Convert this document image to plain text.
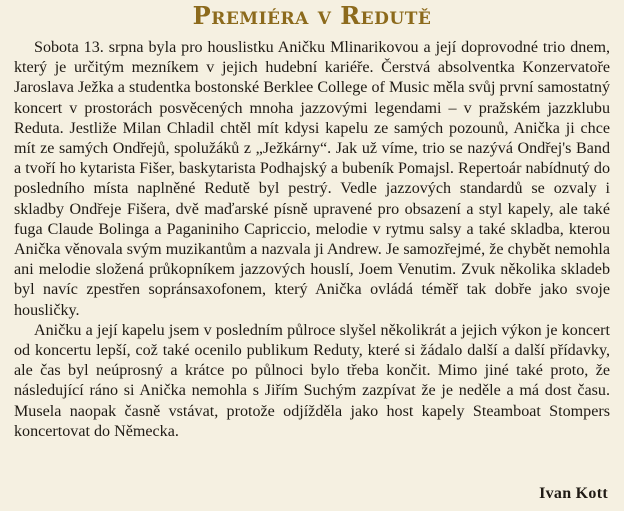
Premiéra v Redutě

Sobota 13. srpna byla pro houslistku Aničku Mlinarikovou a její doprovodné trio dnem, který je určitým mezníkem v jejich hudební kariéře. Čerstvá absolventka Konzervatoře Jaroslava Ježka a studentka bostonské Berklee College of Music měla svůj první samostatný koncert v prostorách posvěcených mnoha jazzovými legendami – v pražském jazzklubu Reduta. Jestliže Milan Chladil chtěl mít kdysi kapelu ze samých pozounů, Anička ji chce mít ze samých Ondřejů, spolužáků z „Ježkárny“. Jak už víme, trio se nazývá Ondřej's Band a tvoří ho kytarista Fišer, baskytarista Podhajský a bubeník Pomajsl. Repertoár nabídnutý do posledního místa naplněné Redutě byl pestrý. Vedle jazzových standardů se ozvaly i skladby Ondřeje Fišera, dvě maďarské písně upravené pro obsazení a styl kapely, ale také fuga Claude Bolinga a Paganiniho Capriccio, melodie v rytmu salsy a také skladba, kterou Anička věnovala svým muzikantům a nazvala ji Andrew. Je samozřejmé, že chybět nemohla ani melodie složená průkopníkem jazzových houslí, Joem Venutim. Zvuk několika skladeb byl navíc zpestřen sopránsaxofonem, který Anička ovládá téměř tak dobře jako svoje housličky.

Aničku a její kapelu jsem v posledním půlroce slyšel několikrát a jejich výkon je koncert od koncertu lepší, což také ocenilo publikum Reduty, které si žádalo další a další přídavky, ale čas byl neúprosný a krátce po půlnoci bylo třeba končit. Mimo jiné také proto, že následující ráno si Anička nemohla s Jiřím Suchým zazpívat že je neděle a má dost času. Musela naopak časně vstávat, protože odjížděla jako host kapely Steamboat Stompers koncertovat do Německa.

Ivan Kott
